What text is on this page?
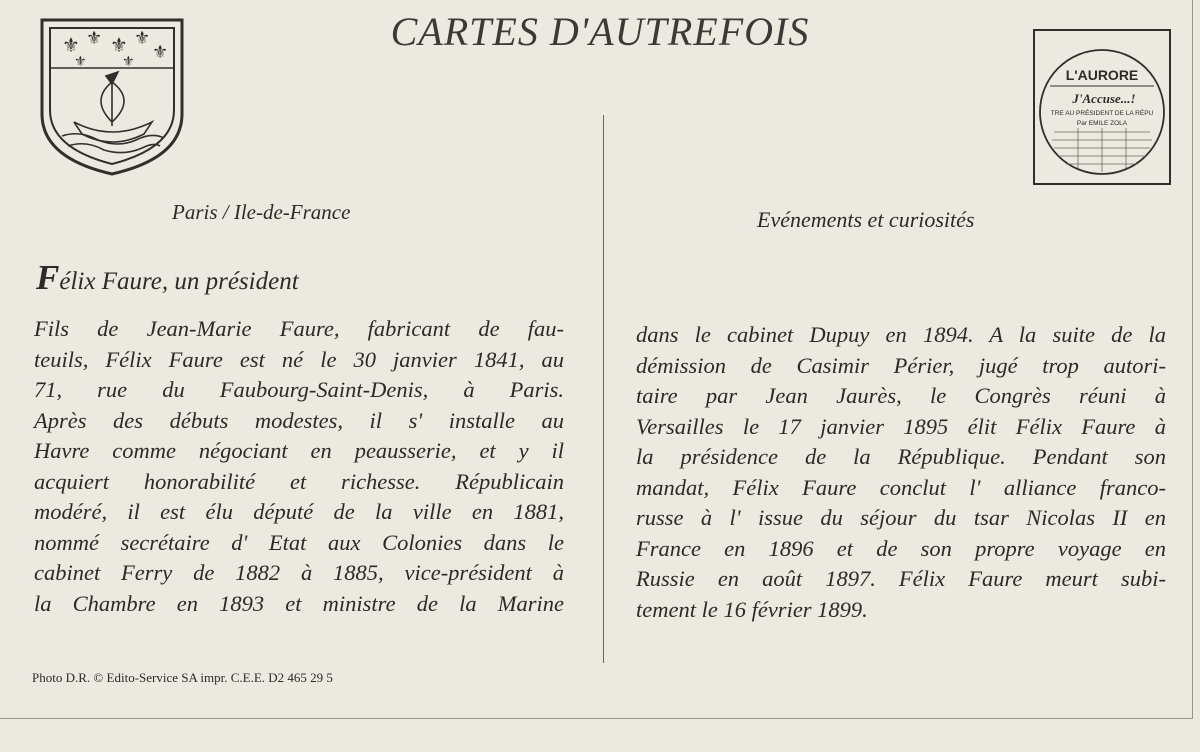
⚜ ⚜ ⚜ ⚜
⚜
⚜	⚜
CARTES D'AUTREFOIS
L'AURORE
J'Accuse...!
TRE AU PRÉSIDENT DE LA RÉPU
Par EMILE ZOLA
Paris / Ile-de-France	Evénements et curiosités
Félix Faure, un président
Fils de Jean-Marie Faure, fabricant de fau-
teuils, Félix Faure est né le 30 janvier 1841, au
71, rue du Faubourg-Saint-Denis, à Paris.
Après des débuts modestes, il s' installe au
Havre comme négociant en peausserie, et y il
acquiert honorabilité et richesse. Républicain
modéré, il est élu député de la ville en 1881,
nommé secrétaire d' Etat aux Colonies dans le
cabinet Ferry de 1882 à 1885, vice-président à
la Chambre en 1893 et ministre de la Marine
dans le cabinet Dupuy en 1894. A la suite de la
démission de Casimir Périer, jugé trop autori-
taire par Jean Jaurès, le Congrès réuni à
Versailles le 17 janvier 1895 élit Félix Faure à
la présidence de la République. Pendant son
mandat, Félix Faure conclut l' alliance franco-
russe à l' issue du séjour du tsar Nicolas II en
France en 1896 et de son propre voyage en
Russie en août 1897. Félix Faure meurt subi-
tement le 16 février 1899.
Photo D.R. © Edito-Service SA impr. C.E.E. D2 465 29 5
